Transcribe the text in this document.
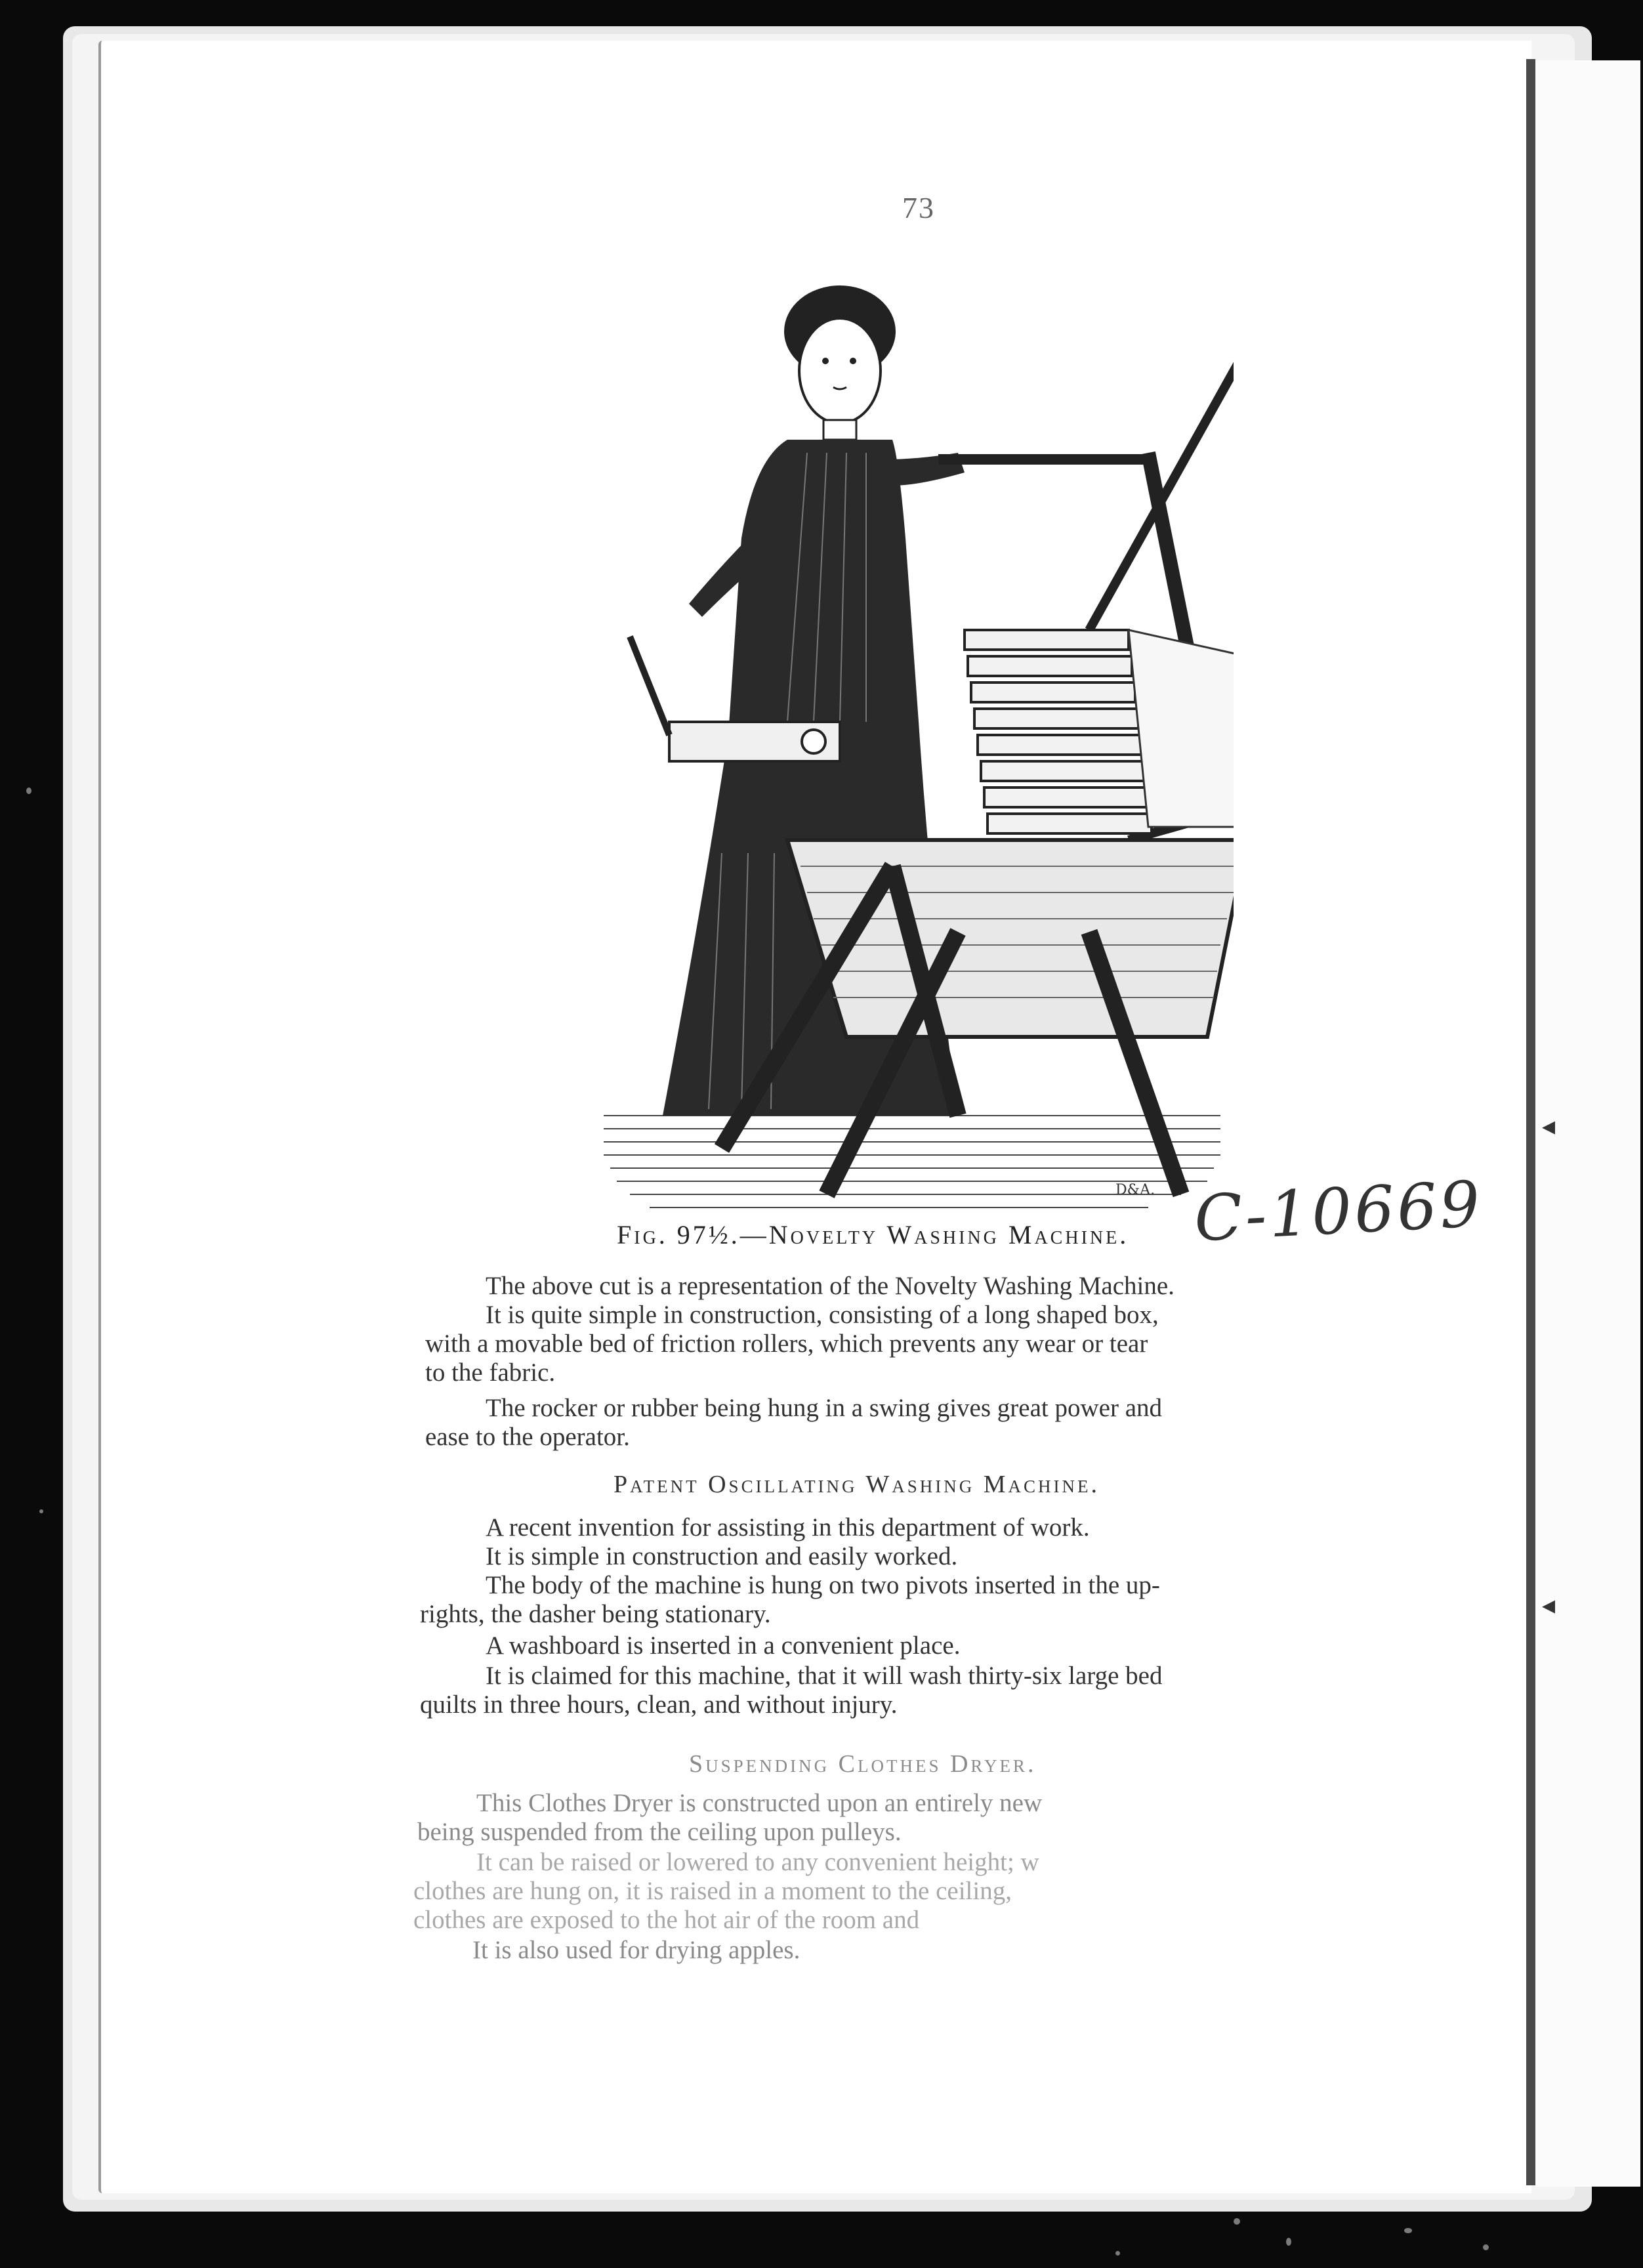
◂
◂
73
D&A. C-10669
Fig. 97½.—Novelty Washing Machine.
The above cut is a representation of the Novelty Washing Machine.
It is quite simple in construction, consisting of a long shaped box,
with a movable bed of friction rollers, which prevents any wear or tear
to the fabric.
The rocker or rubber being hung in a swing gives great power and
ease to the operator.
Patent Oscillating Washing Machine.
A recent invention for assisting in this department of work.
It is simple in construction and easily worked.
The body of the machine is hung on two pivots inserted in the up-
rights, the dasher being stationary.
A washboard is inserted in a convenient place.
It is claimed for this machine, that it will wash thirty-six large bed
quilts in three hours, clean, and without injury.
Suspending Clothes Dryer.
This Clothes Dryer is constructed upon an entirely new
being suspended from the ceiling upon pulleys.
It can be raised or lowered to any convenient height; w
clothes are hung on, it is raised in a moment to the ceiling,
clothes are exposed to the hot air of the room and
It is also used for drying apples.
